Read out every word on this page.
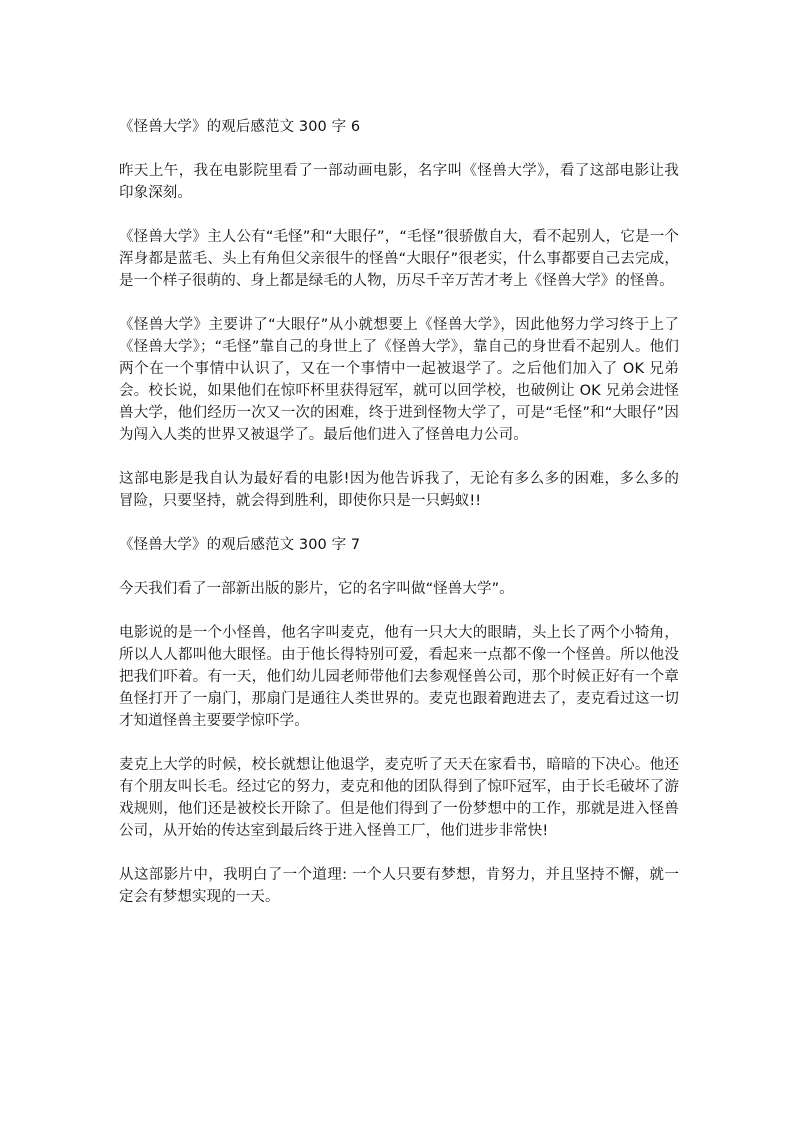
《怪兽大学》的观后感范文 300 字 6

昨天上午，我在电影院里看了一部动画电影，名字叫《怪兽大学》，看了这部电影让我印象深刻。

《怪兽大学》主人公有“毛怪”和“大眼仔”，“毛怪”很骄傲自大，看不起别人，它是一个浑身都是蓝毛、头上有角但父亲很牛的怪兽“大眼仔”很老实，什么事都要自己去完成，是一个样子很萌的、身上都是绿毛的人物，历尽千辛万苦才考上《怪兽大学》的怪兽。

《怪兽大学》主要讲了“大眼仔”从小就想要上《怪兽大学》，因此他努力学习终于上了《怪兽大学》；“毛怪”靠自己的身世上了《怪兽大学》，靠自己的身世看不起别人。他们两个在一个事情中认识了，又在一个事情中一起被退学了。之后他们加入了 OK 兄弟会。校长说，如果他们在惊吓杯里获得冠军，就可以回学校，也破例让 OK 兄弟会进怪兽大学，他们经历一次又一次的困难，终于进到怪物大学了，可是“毛怪”和“大眼仔”因为闯入人类的世界又被退学了。最后他们进入了怪兽电力公司。

这部电影是我自认为最好看的电影!因为他告诉我了，无论有多么多的困难，多么多的冒险，只要坚持，就会得到胜利，即使你只是一只蚂蚁!!

《怪兽大学》的观后感范文 300 字 7

今天我们看了一部新出版的影片，它的名字叫做“怪兽大学”。

电影说的是一个小怪兽，他名字叫麦克，他有一只大大的眼睛，头上长了两个小犄角，所以人人都叫他大眼怪。由于他长得特别可爱，看起来一点都不像一个怪兽。所以他没把我们吓着。有一天，他们幼儿园老师带他们去参观怪兽公司，那个时候正好有一个章鱼怪打开了一扇门，那扇门是通往人类世界的。麦克也跟着跑进去了，麦克看过这一切才知道怪兽主要要学惊吓学。

麦克上大学的时候，校长就想让他退学，麦克听了天天在家看书，暗暗的下决心。他还有个朋友叫长毛。经过它的努力，麦克和他的团队得到了惊吓冠军，由于长毛破坏了游戏规则，他们还是被校长开除了。但是他们得到了一份梦想中的工作，那就是进入怪兽公司，从开始的传达室到最后终于进入怪兽工厂，他们进步非常快!

从这部影片中，我明白了一个道理: 一个人只要有梦想，肯努力，并且坚持不懈，就一定会有梦想实现的一天。
